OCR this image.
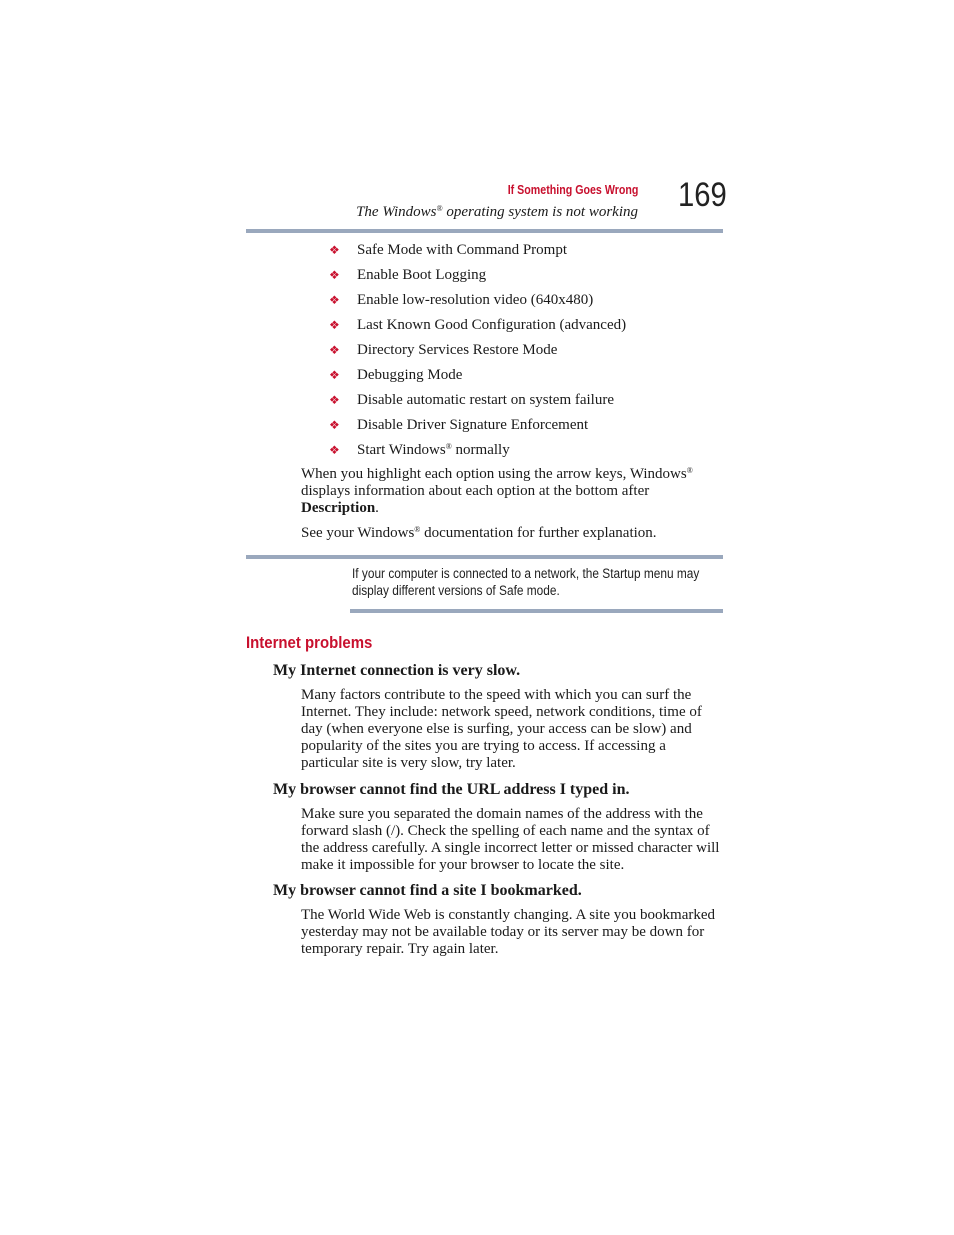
If Something Goes Wrong
The Windows® operating system is not working 169
❖ Safe Mode with Command Prompt
❖ Enable Boot Logging
❖ Enable low-resolution video (640x480)
❖ Last Known Good Configuration (advanced)
❖ Directory Services Restore Mode
❖ Debugging Mode
❖ Disable automatic restart on system failure
❖ Disable Driver Signature Enforcement
❖ Start Windows® normally
When you highlight each option using the arrow keys, Windows® displays information about each option at the bottom after Description.
See your Windows® documentation for further explanation.
If your computer is connected to a network, the Startup menu may display different versions of Safe mode.
Internet problems
My Internet connection is very slow.
Many factors contribute to the speed with which you can surf the Internet. They include: network speed, network conditions, time of day (when everyone else is surfing, your access can be slow) and popularity of the sites you are trying to access. If accessing a particular site is very slow, try later.
My browser cannot find the URL address I typed in.
Make sure you separated the domain names of the address with the forward slash (/). Check the spelling of each name and the syntax of the address carefully. A single incorrect letter or missed character will make it impossible for your browser to locate the site.
My browser cannot find a site I bookmarked.
The World Wide Web is constantly changing. A site you bookmarked yesterday may not be available today or its server may be down for temporary repair. Try again later.
